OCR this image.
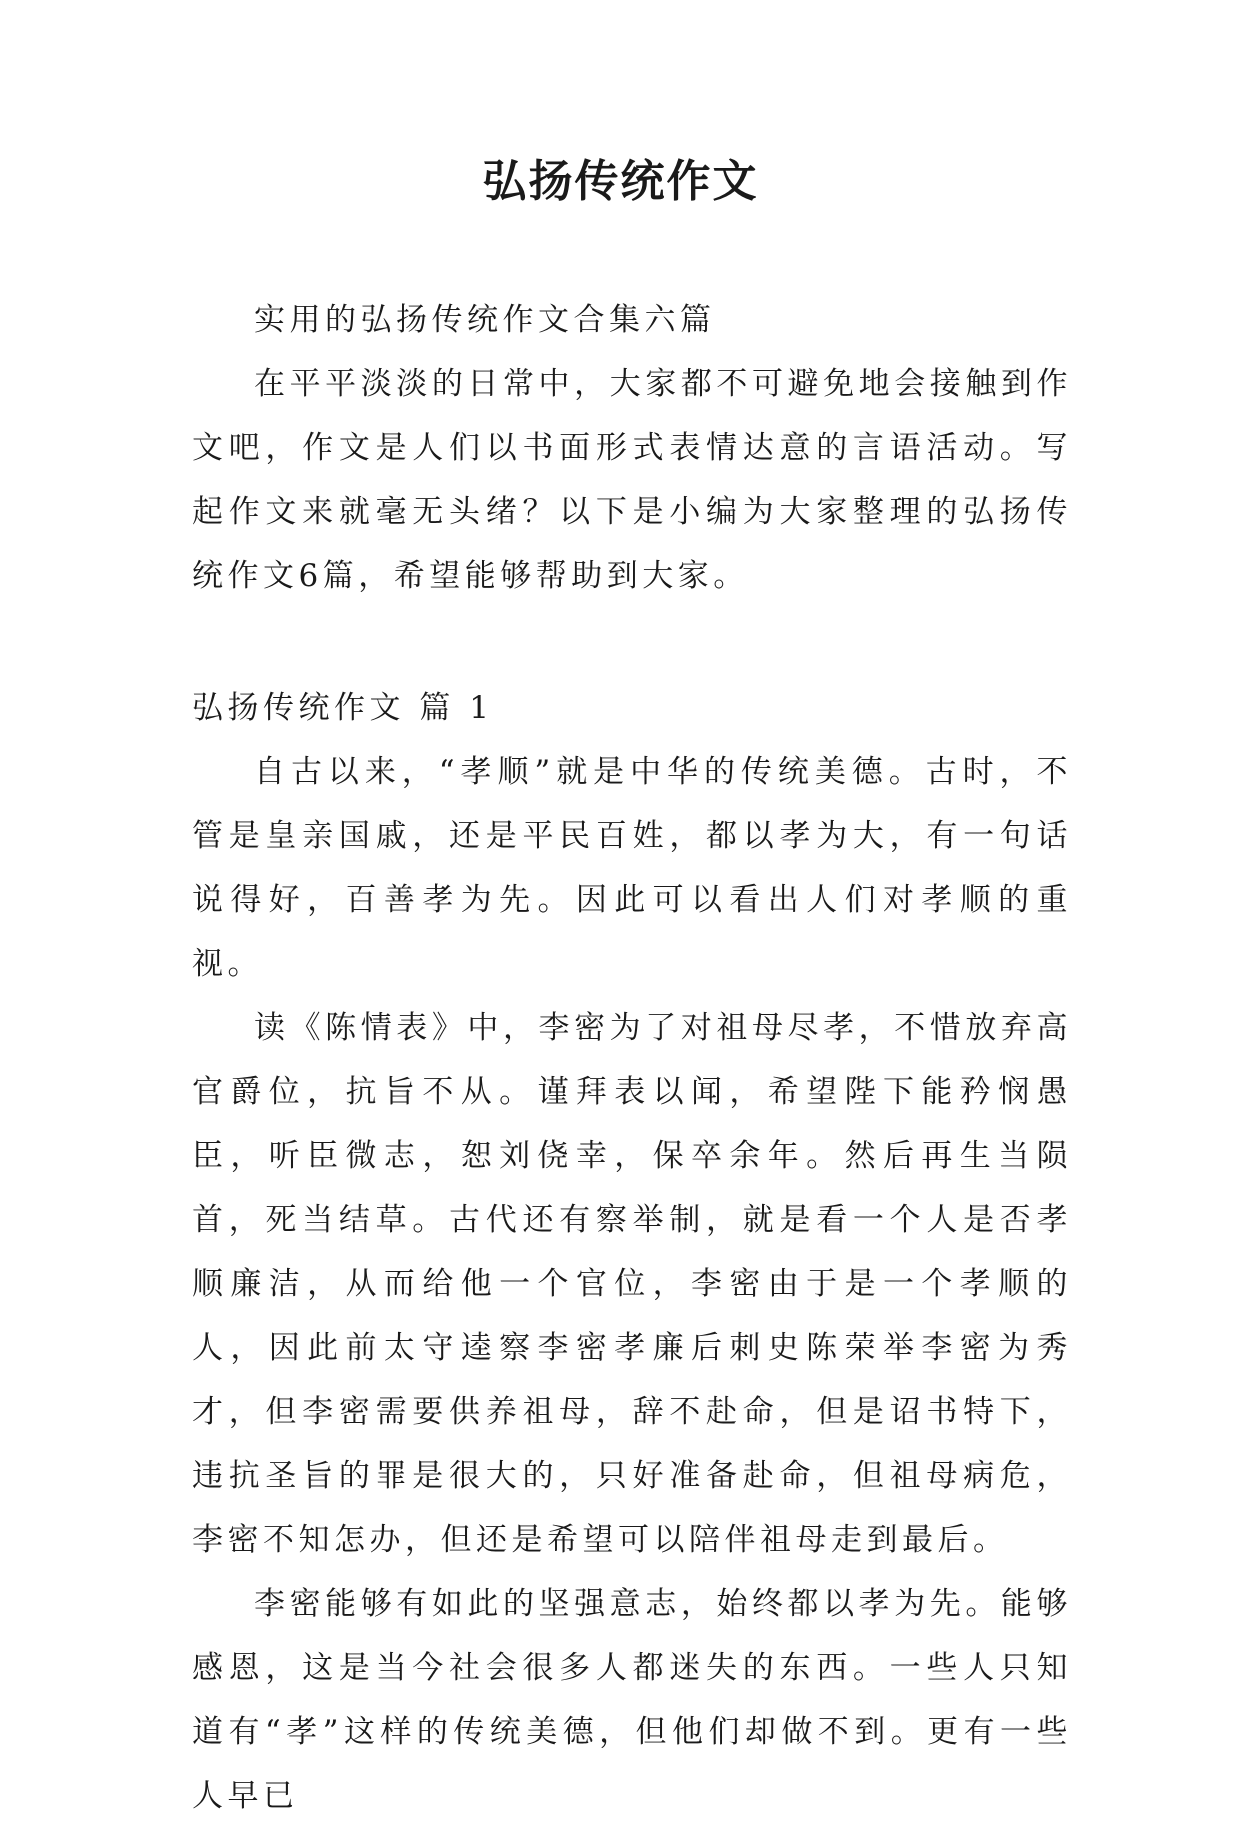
弘扬传统作文

实用的弘扬传统作文合集六篇

在平平淡淡的日常中，大家都不可避免地会接触到作文吧，作文是人们以书面形式表情达意的言语活动。写起作文来就毫无头绪？以下是小编为大家整理的弘扬传统作文6篇，希望能够帮助到大家。

弘扬传统作文 篇 1

自古以来，“孝顺”就是中华的传统美德。古时，不管是皇亲国戚，还是平民百姓，都以孝为大，有一句话说得好，百善孝为先。因此可以看出人们对孝顺的重视。

读《陈情表》中，李密为了对祖母尽孝，不惜放弃高官爵位，抗旨不从。谨拜表以闻，希望陛下能矜悯愚臣，听臣微志，恕刘侥幸，保卒余年。然后再生当陨首，死当结草。古代还有察举制，就是看一个人是否孝顺廉洁，从而给他一个官位，李密由于是一个孝顺的人，因此前太守逵察李密孝廉后刺史陈荣举李密为秀才，但李密需要供养祖母，辞不赴命，但是诏书特下，违抗圣旨的罪是很大的，只好准备赴命，但祖母病危，李密不知怎办，但还是希望可以陪伴祖母走到最后。

李密能够有如此的坚强意志，始终都以孝为先。能够感恩，这是当今社会很多人都迷失的东西。一些人只知道有“孝”这样的传统美德，但他们却做不到。更有一些人早已
